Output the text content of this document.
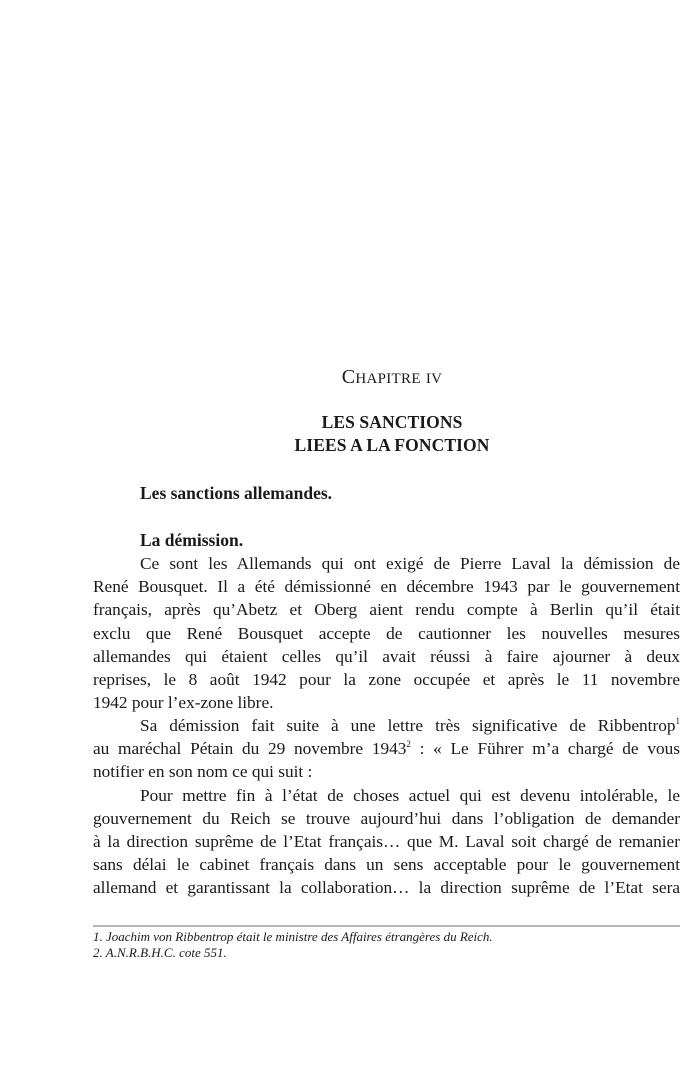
CHAPITRE IV
LES SANCTIONS
LIEES A LA FONCTION
Les sanctions allemandes.
La démission.
Ce sont les Allemands qui ont exigé de Pierre Laval la démission de
René Bousquet. Il a été démissionné en décembre 1943 par le gouvernement
français, après qu’Abetz et Oberg aient rendu compte à Berlin qu’il était
exclu que René Bousquet accepte de cautionner les nouvelles mesures
allemandes qui étaient celles qu’il avait réussi à faire ajourner à deux
reprises, le 8 août 1942 pour la zone occupée et après le 11 novembre
1942 pour l’ex-zone libre.
Sa démission fait suite à une lettre très significative de Ribbentrop$^1$
au maréchal Pétain du 29 novembre 1943$^2$ : « Le Führer m’a chargé de vous
notifier en son nom ce qui suit :
Pour mettre fin à l’état de choses actuel qui est devenu intolérable, le
gouvernement du Reich se trouve aujourd’hui dans l’obligation de demander
à la direction suprême de l’Etat français… que M. Laval soit chargé de remanier
sans délai le cabinet français dans un sens acceptable pour le gouvernement
allemand et garantissant la collaboration… la direction suprême de l’Etat sera
1. Joachim von Ribbentrop était le ministre des Affaires étrangères du Reich.
2. A.N.R.B.H.C. cote 551.
